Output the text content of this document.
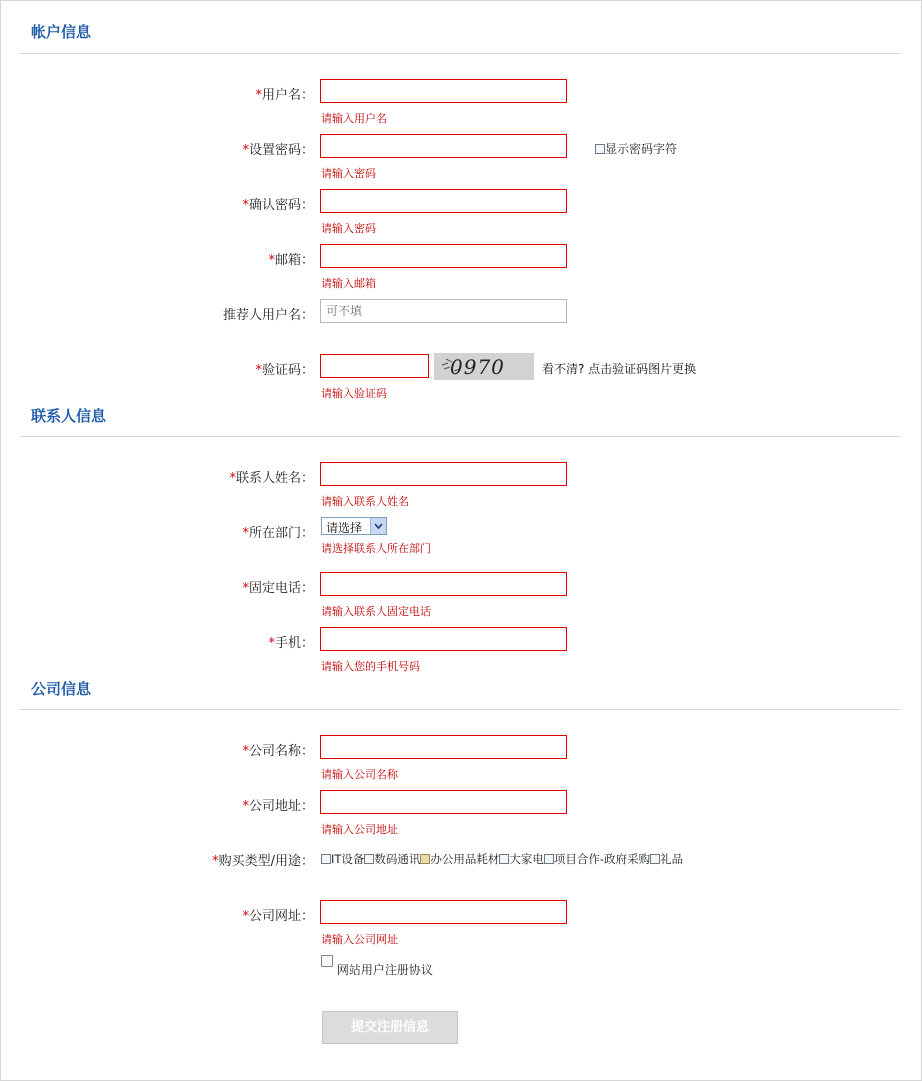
帐户信息
*用户名：
请输入用户名
*设置密码：
请输入密码
显示密码字符
*确认密码：
请输入密码
*邮箱：
请输入邮箱
推荐人用户名：
可不填
*验证码：	0970	看不清? 点击验证码图片更换
请输入验证码
联系人信息
*联系人姓名：
请输入联系人姓名
*所在部门： 请选择
请选择联系人所在部门
*固定电话：
请输入联系人固定电话
*手机：
请输入您的手机号码
公司信息
*公司名称：
请输入公司名称
*公司地址：
请输入公司地址
*购买类型/用途：	IT设备 数码通讯 办公用品耗材 大家电 项目合作-政府采购 礼品
*公司网址：
请输入公司网址
网站用户注册协议
提交注册信息
